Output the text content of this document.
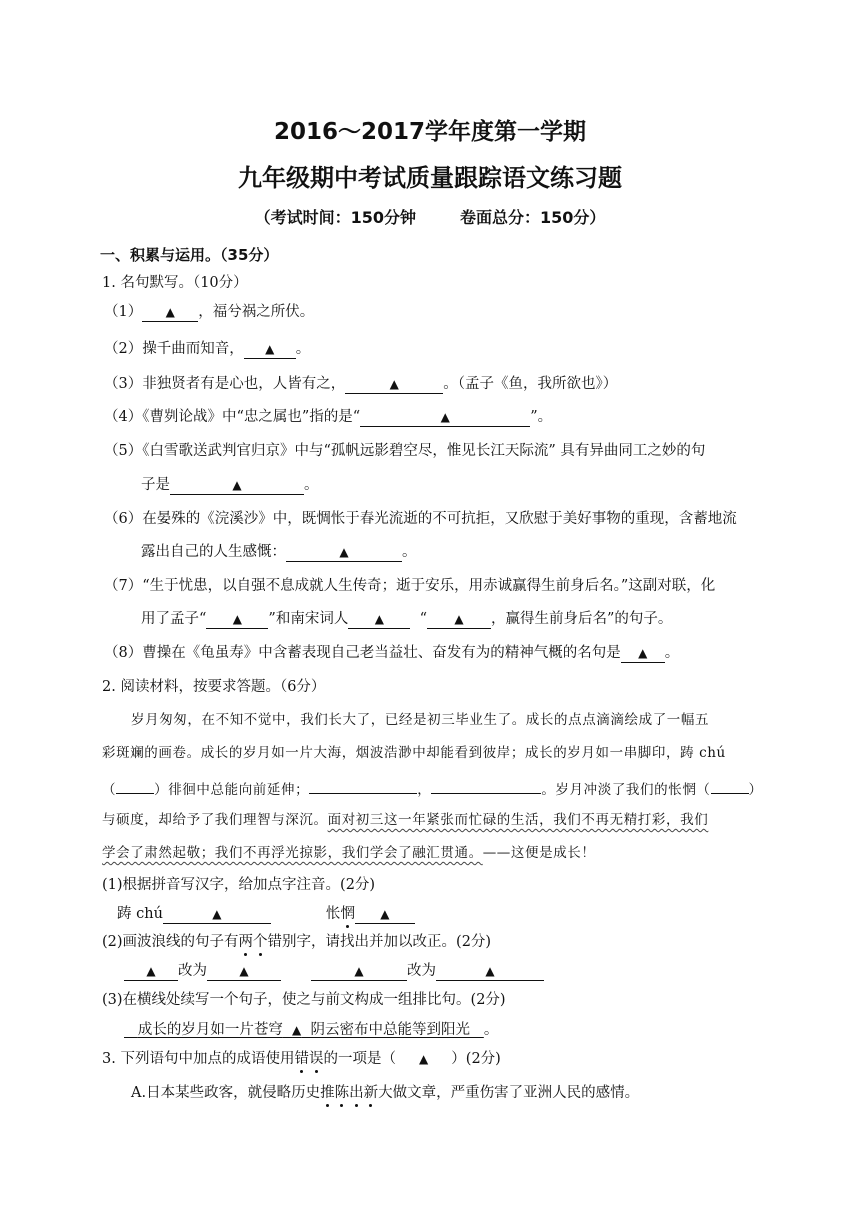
2016～2017学年度第一学期
九年级期中考试质量跟踪语文练习题
（考试时间：150分钟	卷面总分：150分）
一、积累与运用。（35分）
1. 名句默写。（10分）
（1） ▲ ，福兮祸之所伏。
（2）操千曲而知音， ▲ 。
（3）非独贤者有是心也，人皆有之，	▲	。（孟子《鱼，我所欲也》）
（4）《曹刿论战》中“忠之属也”指的是“	▲	”。
（5）《白雪歌送武判官归京》中与“孤帆远影碧空尽，惟见长江天际流” 具有异曲同工之妙的句
子是	▲	。
（6）在晏殊的《浣溪沙》中，既惆怅于春光流逝的不可抗拒，又欣慰于美好事物的重现，含蓄地流
露出自己的人生感慨：	▲	。
（7）“生于忧患，以自强不息成就人生传奇；逝于安乐，用赤诚赢得生前身后名。”这副对联，化
用了孟子“ ▲ ”和南宋词人 ▲ “ ▲ ，赢得生前身后名”的句子。
（8）曹操在《龟虽寿》中含蓄表现自己老当益壮、奋发有为的精神气概的名句是 ▲ 。
2. 阅读材料，按要求答题。（6分）
岁月匆匆，在不知不觉中，我们长大了，已经是初三毕业生了。成长的点点滴滴绘成了一幅五
彩斑斓的画卷。成长的岁月如一片大海，烟波浩渺中却能看到彼岸；成长的岁月如一串脚印，踌 chú
（	）徘徊中总能向前延伸；	，	。岁月冲淡了我们的怅惘（	）
与硕度，却给予了我们理智与深沉。面对初三这一年紧张而忙碌的生活，我们不再无精打彩，我们
学会了肃然起敬；我们不再浮光掠影，我们学会了融汇贯通。——这便是成长！
(1)根据拼音写汉字，给加点字注音。(2分)
踌 chú	▲	怅惘 ▲
(2)画波浪线的句子有两个错别字，请找出并加以改正。(2分)
▲ 改为	▲	▲	改为	▲
(3)在横线处续写一个句子，使之与前文构成一组排比句。(2分)
成长的岁月如一片苍穹 ▲ 阴云密布中总能等到阳光 。
3. 下列语句中加点的成语使用错误的一项是（ ▲ ）(2分)
A.日本某些政客，就侵略历史推陈出新大做文章，严重伤害了亚洲人民的感情。
